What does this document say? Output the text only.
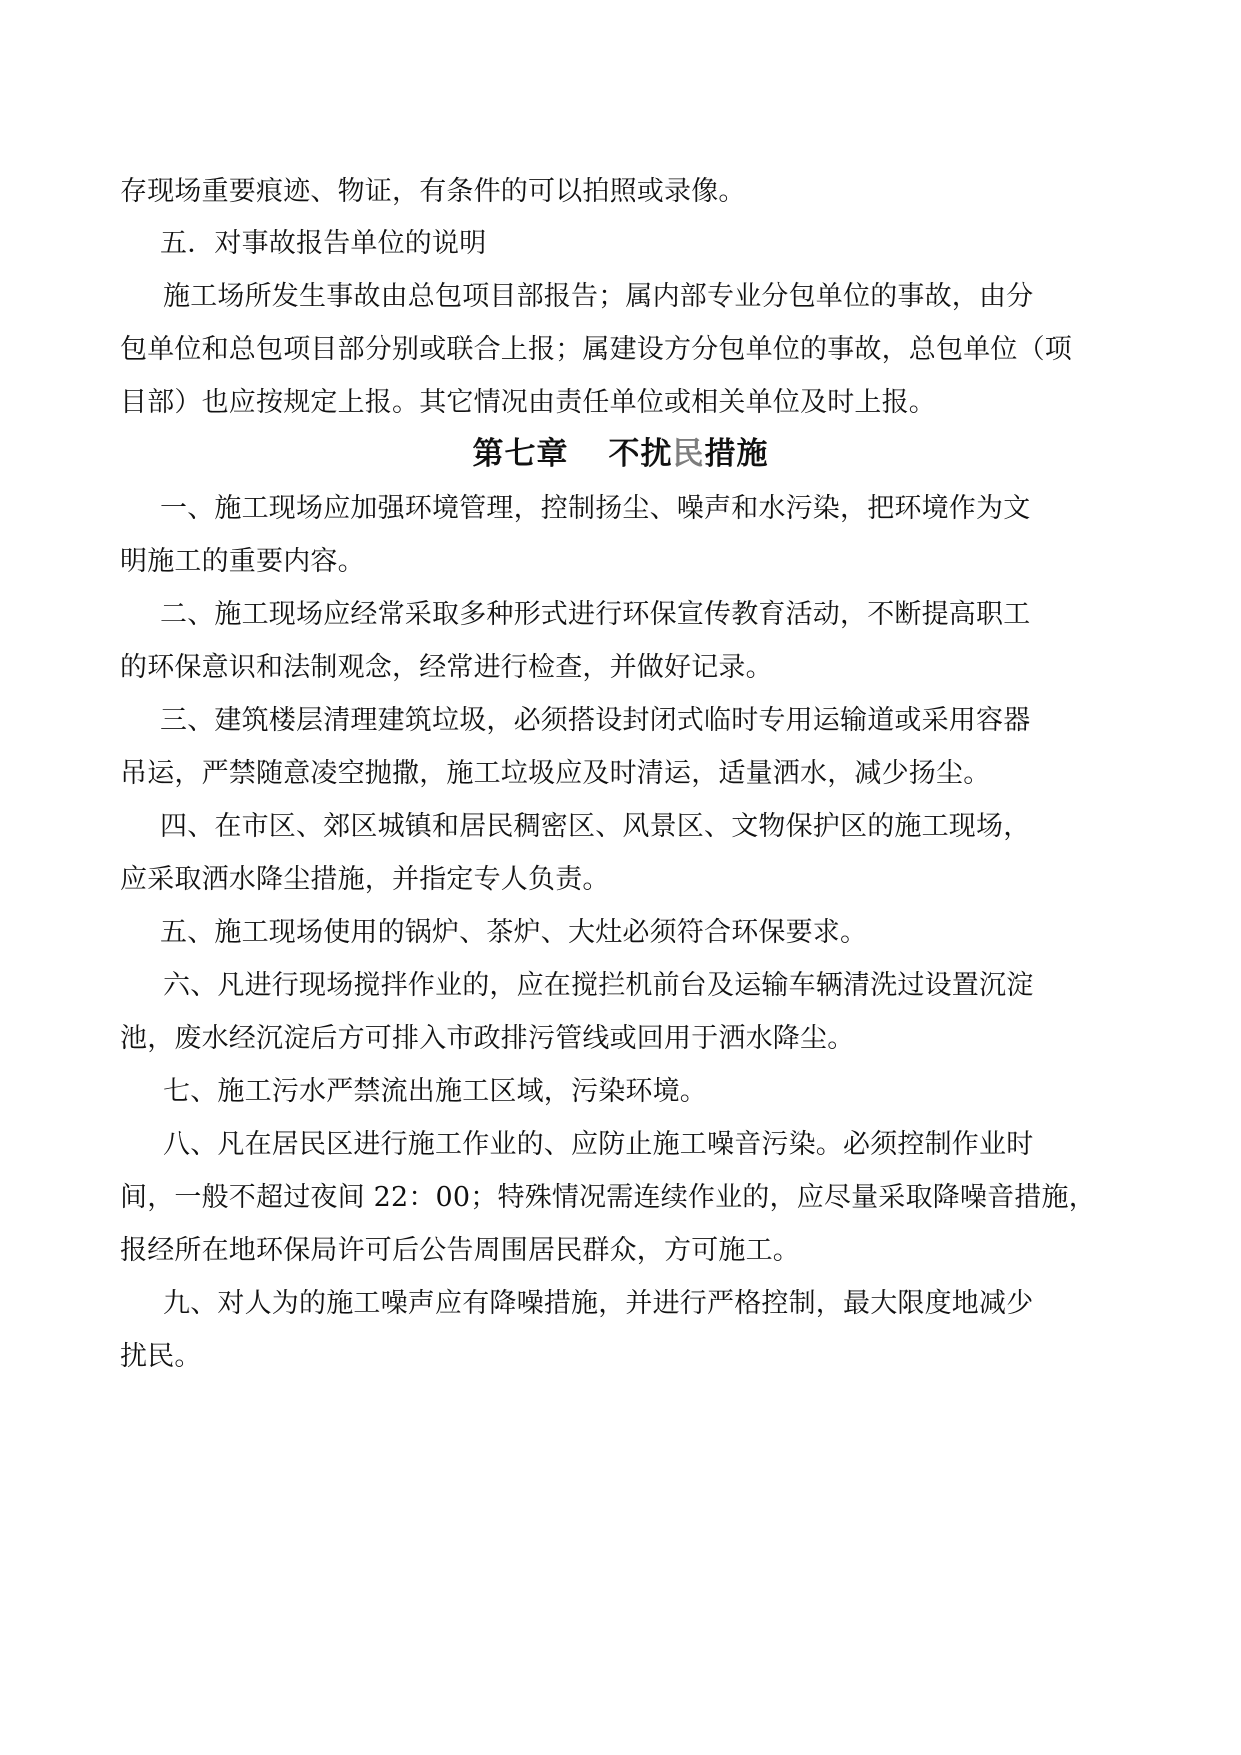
存现场重要痕迹、物证，有条件的可以拍照或录像。
五．对事故报告单位的说明
施工场所发生事故由总包项目部报告；属内部专业分包单位的事故，由分
包单位和总包项目部分别或联合上报；属建设方分包单位的事故，总包单位（项
目部）也应按规定上报。其它情况由责任单位或相关单位及时上报。
第七章 不扰民措施
一、施工现场应加强环境管理，控制扬尘、噪声和水污染，把环境作为文
明施工的重要内容。
二、施工现场应经常采取多种形式进行环保宣传教育活动，不断提高职工
的环保意识和法制观念，经常进行检查，并做好记录。
三、建筑楼层清理建筑垃圾，必须搭设封闭式临时专用运输道或采用容器
吊运，严禁随意凌空抛撒，施工垃圾应及时清运，适量洒水，减少扬尘。
四、在市区、郊区城镇和居民稠密区、风景区、文物保护区的施工现场，
应采取洒水降尘措施，并指定专人负责。
五、施工现场使用的锅炉、茶炉、大灶必须符合环保要求。
六、凡进行现场搅拌作业的，应在搅拦机前台及运输车辆清洗过设置沉淀
池，废水经沉淀后方可排入市政排污管线或回用于洒水降尘。
七、施工污水严禁流出施工区域，污染环境。
八、凡在居民区进行施工作业的、应防止施工噪音污染。必须控制作业时
间，一般不超过夜间 22：00；特殊情况需连续作业的，应尽量采取降噪音措施，
报经所在地环保局许可后公告周围居民群众，方可施工。
九、对人为的施工噪声应有降噪措施，并进行严格控制，最大限度地减少
扰民。
